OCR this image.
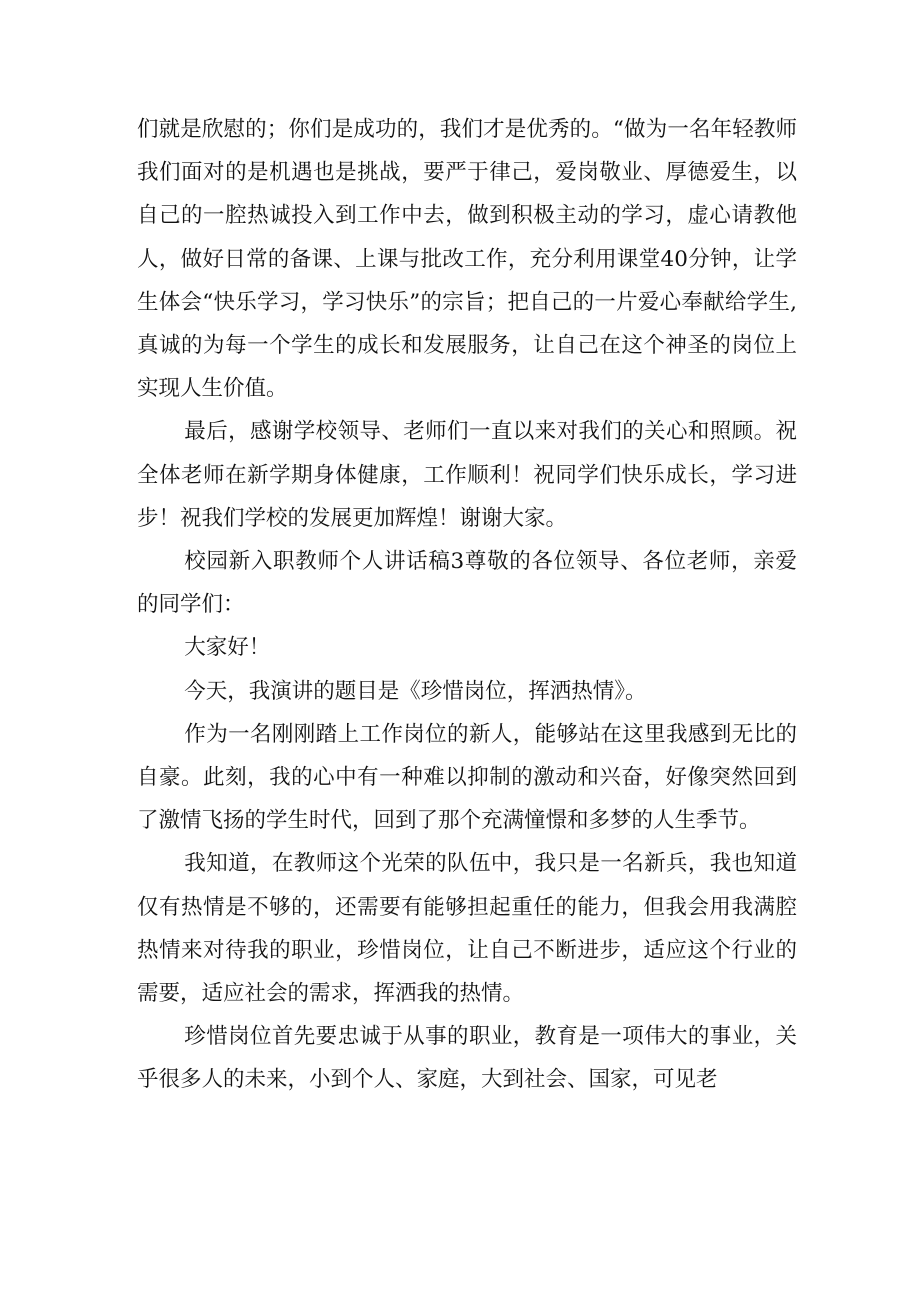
们就是欣慰的；你们是成功的，我们才是优秀的。“做为一名年轻教师我们面对的是机遇也是挑战，要严于律己，爱岗敬业、厚德爱生，以自己的一腔热诚投入到工作中去，做到积极主动的学习，虚心请教他人，做好日常的备课、上课与批改工作，充分利用课堂40分钟，让学生体会“快乐学习，学习快乐”的宗旨；把自己的一片爱心奉献给学生,真诚的为每一个学生的成长和发展服务，让自己在这个神圣的岗位上实现人生价值。

最后，感谢学校领导、老师们一直以来对我们的关心和照顾。祝全体老师在新学期身体健康，工作顺利！祝同学们快乐成长，学习进步！祝我们学校的发展更加辉煌！谢谢大家。

校园新入职教师个人讲话稿3尊敬的各位领导、各位老师，亲爱的同学们：

大家好！

今天，我演讲的题目是《珍惜岗位，挥洒热情》。

作为一名刚刚踏上工作岗位的新人，能够站在这里我感到无比的自豪。此刻，我的心中有一种难以抑制的激动和兴奋，好像突然回到了激情飞扬的学生时代，回到了那个充满憧憬和多梦的人生季节。

我知道，在教师这个光荣的队伍中，我只是一名新兵，我也知道仅有热情是不够的，还需要有能够担起重任的能力，但我会用我满腔热情来对待我的职业，珍惜岗位，让自己不断进步，适应这个行业的需要，适应社会的需求，挥洒我的热情。

珍惜岗位首先要忠诚于从事的职业，教育是一项伟大的事业，关乎很多人的未来，小到个人、家庭，大到社会、国家，可见老
